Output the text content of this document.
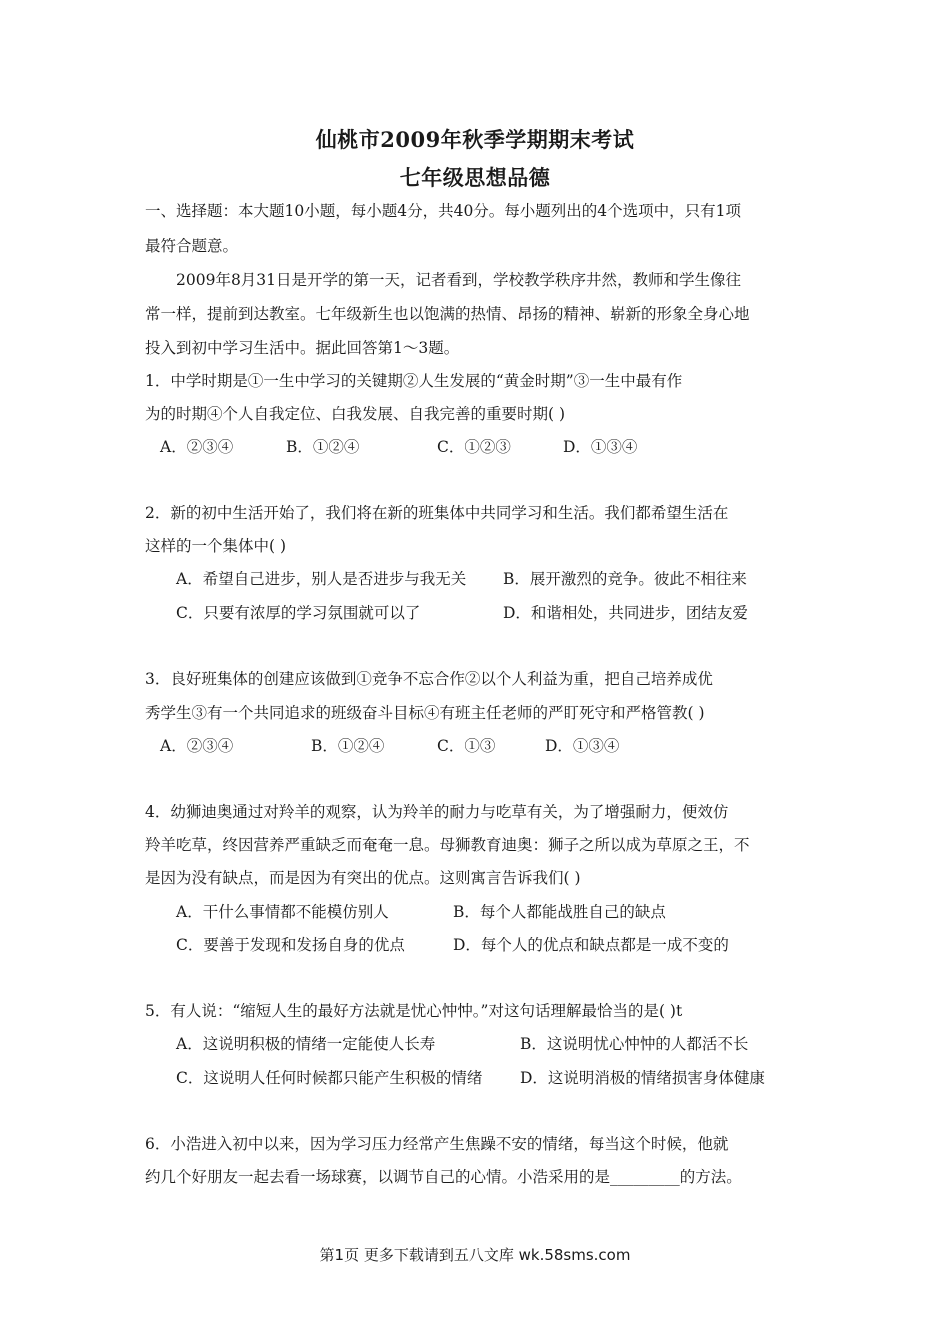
仙桃市2009年秋季学期期末考试
七年级思想品德
一、选择题：本大题10小题，每小题4分，共40分。每小题列出的4个选项中，只有1项
最符合题意。
2009年8月31日是开学的第一天，记者看到，学校教学秩序井然，教师和学生像往
常一样，提前到达教室。七年级新生也以饱满的热情、昂扬的精神、崭新的形象全身心地
投入到初中学习生活中。据此回答第1～3题。
1．中学时期是①一生中学习的关键期②人生发展的“黄金时期”③一生中最有作
为的时期④个人自我定位、白我发展、自我完善的重要时期( )
A．②③④	B．①②④	C．①②③	D．①③④
2．新的初中生活开始了，我们将在新的班集体中共同学习和生活。我们都希望生活在
这样的一个集体中( )
A．希望自己进步，别人是否进步与我无关 B．展开激烈的竞争。彼此不相往来
C．只要有浓厚的学习氛围就可以了	D．和谐相处，共同进步，团结友爱
3．良好班集体的创建应该做到①竞争不忘合作②以个人利益为重，把自己培养成优
秀学生③有一个共同追求的班级奋斗目标④有班主任老师的严盯死守和严格管教( )
A．②③④	B．①②④	C．①③	D．①③④
4．幼狮迪奥通过对羚羊的观察，认为羚羊的耐力与吃草有关，为了增强耐力，便效仿
羚羊吃草，终因营养严重缺乏而奄奄一息。母狮教育迪奥：狮子之所以成为草原之王，不
是因为没有缺点，而是因为有突出的优点。这则寓言告诉我们( )
A．干什么事情都不能模仿别人	B．每个人都能战胜自己的缺点
C．要善于发现和发扬自身的优点	D．每个人的优点和缺点都是一成不变的
5．有人说：“缩短人生的最好方法就是忧心忡忡。”对这句话理解最恰当的是( )t
A．这说明积极的情绪一定能使人长寿	B．这说明忧心忡忡的人都活不长
C．这说明人任何时候都只能产生积极的情绪 D．这说明消极的情绪损害身体健康
6．小浩进入初中以来，因为学习压力经常产生焦躁不安的情绪，每当这个时候，他就
约几个好朋友一起去看一场球赛，以调节自己的心情。小浩采用的是_________的方法。
第1页 更多下载请到五八文库 wk.58sms.com
